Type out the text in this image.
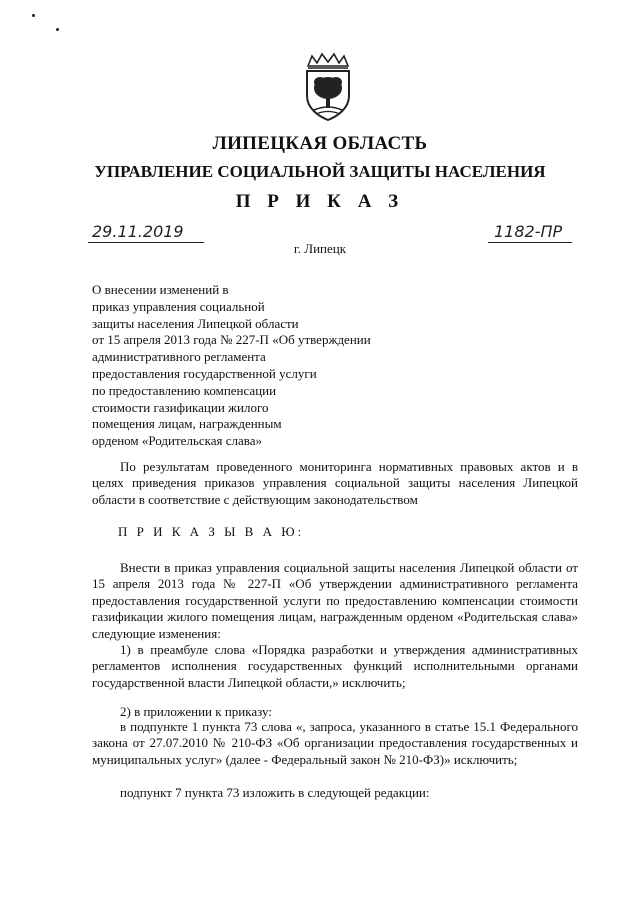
ЛИПЕЦКАЯ ОБЛАСТЬ
УПРАВЛЕНИЕ СОЦИАЛЬНОЙ ЗАЩИТЫ НАСЕЛЕНИЯ
П Р И К А З
29.11.2019	1182-ПР
г. Липецк
О внесении изменений в
приказ управления социальной
защиты населения Липецкой области
от 15 апреля 2013 года № 227-П «Об утверждении
административного регламента
предоставления государственной услуги
по предоставлению компенсации
стоимости газификации жилого
помещения лицам, награжденным
орденом «Родительская слава»
По результатам проведенного мониторинга нормативных правовых актов и в целях приведения приказов управления социальной защиты населения Липецкой области в соответствие с действующим законодательством
П Р И К А З Ы В А Ю:
Внести в приказ управления социальной защиты населения Липецкой области от 15 апреля 2013 года № 227-П «Об утверждении административного регламента предоставления государственной услуги по предоставлению компенсации стоимости газификации жилого помещения лицам, награжденным орденом «Родительская слава» следующие изменения:
1) в преамбуле слова «Порядка разработки и утверждения административных регламентов исполнения государственных функций исполнительными органами государственной власти Липецкой области,» исключить;
2) в приложении к приказу:
в подпункте 1 пункта 73 слова «, запроса, указанного в статье 15.1 Федерального закона от 27.07.2010 № 210-ФЗ «Об организации предоставления государственных и муниципальных услуг» (далее - Федеральный закон № 210-ФЗ)» исключить;
подпункт 7 пункта 73 изложить в следующей редакции:
